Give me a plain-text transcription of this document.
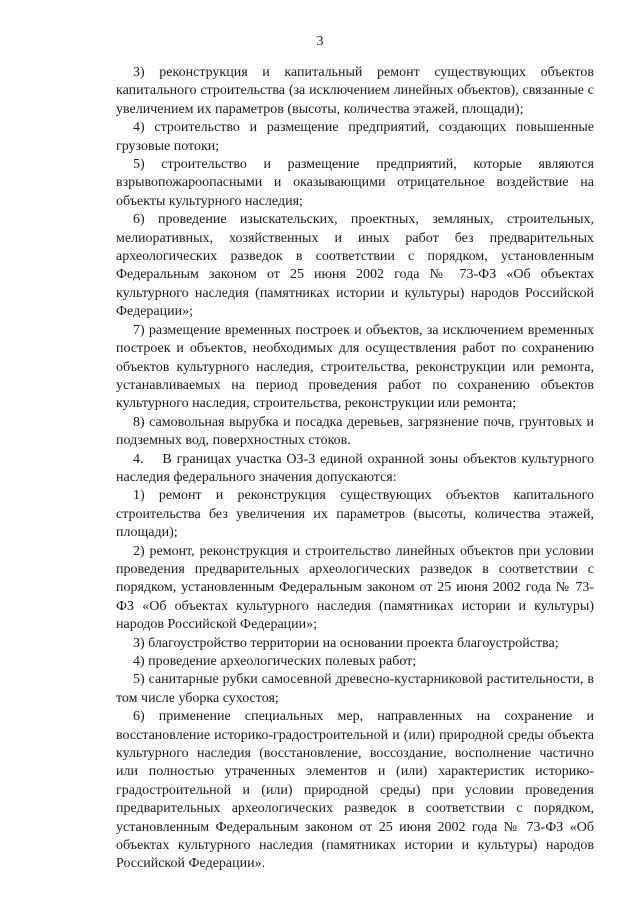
3

3) реконструкция и капитальный ремонт существующих объектов капитального строительства (за исключением линейных объектов), связанные с увеличением их параметров (высоты, количества этажей, площади);

4) строительство и размещение предприятий, создающих повышенные грузовые потоки;

5) строительство и размещение предприятий, которые являются взрывопожароопасными и оказывающими отрицательное воздействие на объекты культурного наследия;

6) проведение изыскательских, проектных, земляных, строительных, мелиоративных, хозяйственных и иных работ без предварительных археологических разведок в соответствии с порядком, установленным Федеральным законом от 25 июня 2002 года № 73-ФЗ «Об объектах культурного наследия (памятниках истории и культуры) народов Российской Федерации»;

7) размещение временных построек и объектов, за исключением временных построек и объектов, необходимых для осуществления работ по сохранению объектов культурного наследия, строительства, реконструкции или ремонта, устанавливаемых на период проведения работ по сохранению объектов культурного наследия, строительства, реконструкции или ремонта;

8) самовольная вырубка и посадка деревьев, загрязнение почв, грунтовых и подземных вод, поверхностных стоков.

4.  В границах участка ОЗ-3 единой охранной зоны объектов культурного наследия федерального значения допускаются:

1) ремонт и реконструкция существующих объектов капитального строительства без увеличения их параметров (высоты, количества этажей, площади);

2) ремонт, реконструкция и строительство линейных объектов при условии проведения предварительных археологических разведок в соответствии с порядком, установленным Федеральным законом от 25 июня 2002 года № 73-ФЗ «Об объектах культурного наследия (памятниках истории и культуры) народов Российской Федерации»;

3) благоустройство территории на основании проекта благоустройства;

4) проведение археологических полевых работ;

5) санитарные рубки самосевной древесно-кустарниковой растительности, в том числе уборка сухостоя;

6) применение специальных мер, направленных на сохранение и восстановление историко-градостроительной и (или) природной среды объекта культурного наследия (восстановление, воссоздание, восполнение частично или полностью утраченных элементов и (или) характеристик историко-градостроительной и (или) природной среды) при условии проведения предварительных археологических разведок в соответствии с порядком, установленным Федеральным законом от 25 июня 2002 года № 73-ФЗ «Об объектах культурного наследия (памятниках истории и культуры) народов Российской Федерации».
